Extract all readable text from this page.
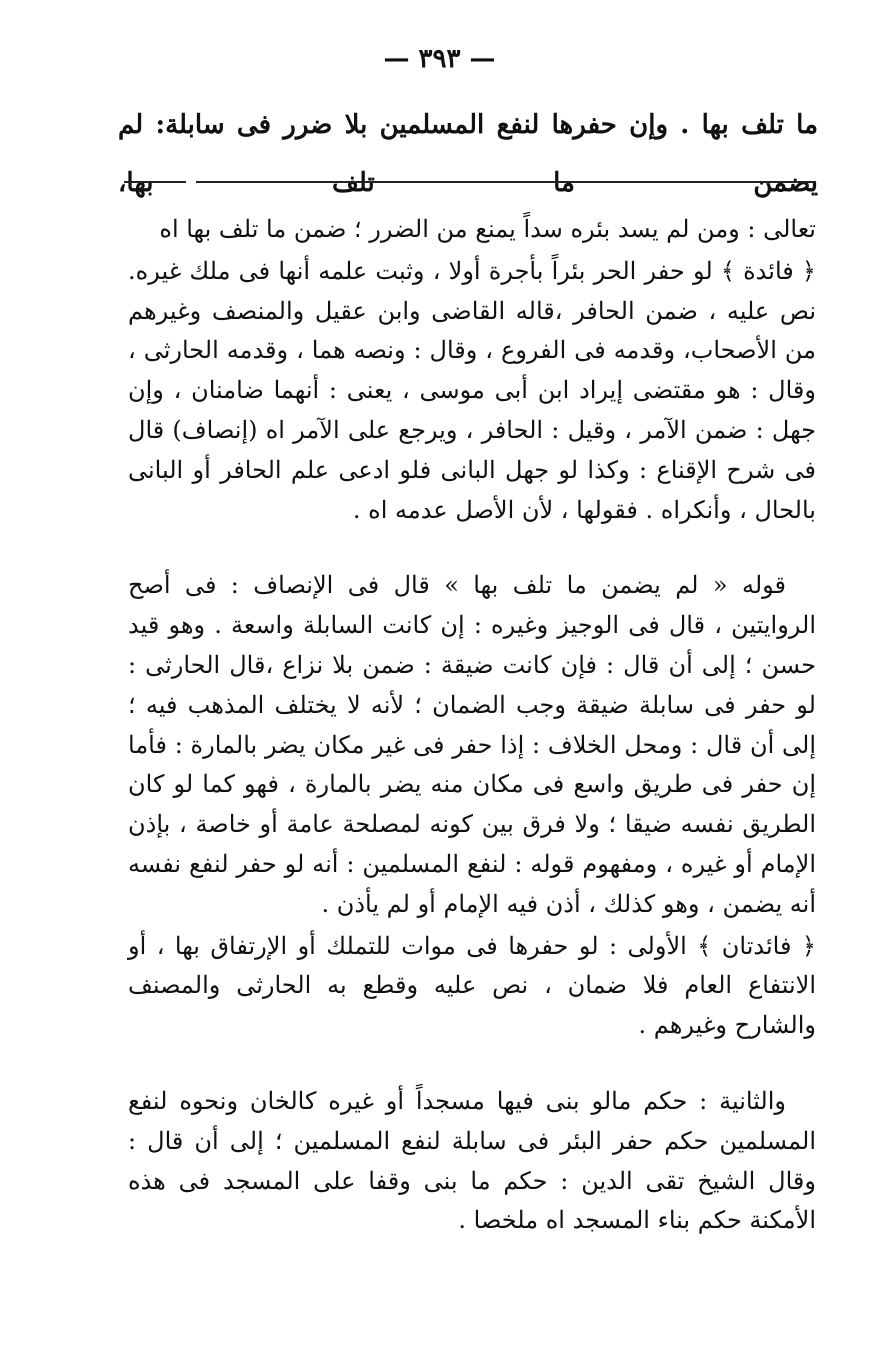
— ٣٩٣ —
ما تلف بها . وإن حفرها لنفع المسلمين بلا ضرر فى سابلة: لم يضمن ما تلف بها،

تعالى : ومن لم يسد بئره سداً يمنع من الضرر ؛ ضمن ما تلف بها اه

﴿ فائدة ﴾ لو حفر الحر بئراً بأجرة أولا ، وثبت علمه أنها فى ملك غيره. نص عليه ، ضمن الحافر ،قاله القاضى وابن عقيل والمنصف وغيرهم من الأصحاب، وقدمه فى الفروع ، وقال : ونصه هما ، وقدمه الحارثى ، وقال : هو مقتضى إيراد ابن أبى موسى ، يعنى : أنهما ضامنان ، وإن جهل : ضمن الآمر ، وقيل : الحافر ، ويرجع على الآمر اه (إنصاف) قال فى شرح الإقناع : وكذا لو جهل البانى فلو ادعى علم الحافر أو البانى بالحال ، وأنكراه . فقولها ، لأن الأصل عدمه اه .

قوله « لم يضمن ما تلف بها » قال فى الإنصاف : فى أصح الروايتين ، قال فى الوجيز وغيره : إن كانت السابلة واسعة . وهو قيد حسن ؛ إلى أن قال : فإن كانت ضيقة : ضمن بلا نزاع ،قال الحارثى : لو حفر فى سابلة ضيقة وجب الضمان ؛ لأنه لا يختلف المذهب فيه ؛ إلى أن قال : ومحل الخلاف : إذا حفر فى غير مكان يضر بالمارة : فأما إن حفر فى طريق واسع فى مكان منه يضر بالمارة ، فهو كما لو كان الطريق نفسه ضيقا ؛ ولا فرق بين كونه لمصلحة عامة أو خاصة ، بإذن الإمام أو غيره ، ومفهوم قوله : لنفع المسلمين : أنه لو حفر لنفع نفسه أنه يضمن ، وهو كذلك ، أذن فيه الإمام أو لم يأذن .

﴿ فائدتان ﴾ الأولى : لو حفرها فى موات للتملك أو الإرتفاق بها ، أو الانتفاع العام فلا ضمان ، نص عليه وقطع به الحارثى والمصنف والشارح وغيرهم .

والثانية : حكم مالو بنى فيها مسجداً أو غيره كالخان ونحوه لنفع المسلمين حكم حفر البئر فى سابلة لنفع المسلمين ؛ إلى أن قال : وقال الشيخ تقى الدين : حكم ما بنى وقفا على المسجد فى هذه الأمكنة حكم بناء المسجد اه ملخصا .
